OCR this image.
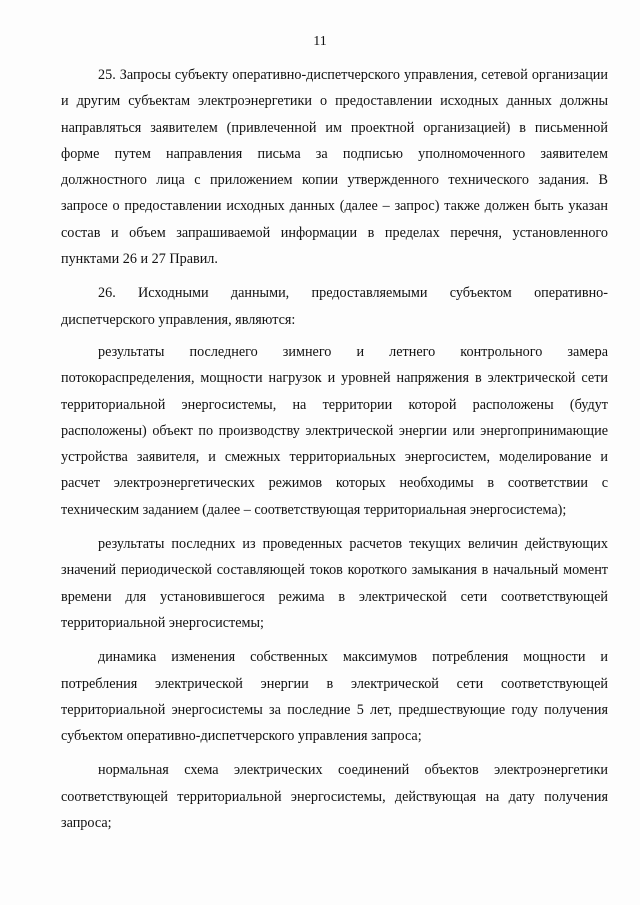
11

25. Запросы субъекту оперативно-диспетчерского управления, сетевой организации и другим субъектам электроэнергетики о предоставлении исходных данных должны направляться заявителем (привлеченной им проектной организацией) в письменной форме путем направления письма за подписью уполномоченного заявителем должностного лица с приложением копии утвержденного технического задания. В запросе о предоставлении исходных данных (далее – запрос) также должен быть указан состав и объем запрашиваемой информации в пределах перечня, установленного пунктами 26 и 27 Правил.

26. Исходными данными, предоставляемыми субъектом оперативно-диспетчерского управления, являются:

результаты последнего зимнего и летнего контрольного замера потокораспределения, мощности нагрузок и уровней напряжения в электрической сети территориальной энергосистемы, на территории которой расположены (будут расположены) объект по производству электрической энергии или энергопринимающие устройства заявителя, и смежных территориальных энергосистем, моделирование и расчет электроэнергетических режимов которых необходимы в соответствии с техническим заданием (далее – соответствующая территориальная энергосистема);

результаты последних из проведенных расчетов текущих величин действующих значений периодической составляющей токов короткого замыкания в начальный момент времени для установившегося режима в электрической сети соответствующей территориальной энергосистемы;

динамика изменения собственных максимумов потребления мощности и потребления электрической энергии в электрической сети соответствующей территориальной энергосистемы за последние 5 лет, предшествующие году получения субъектом оперативно-диспетчерского управления запроса;

нормальная схема электрических соединений объектов электроэнергетики соответствующей территориальной энергосистемы, действующая на дату получения запроса;
